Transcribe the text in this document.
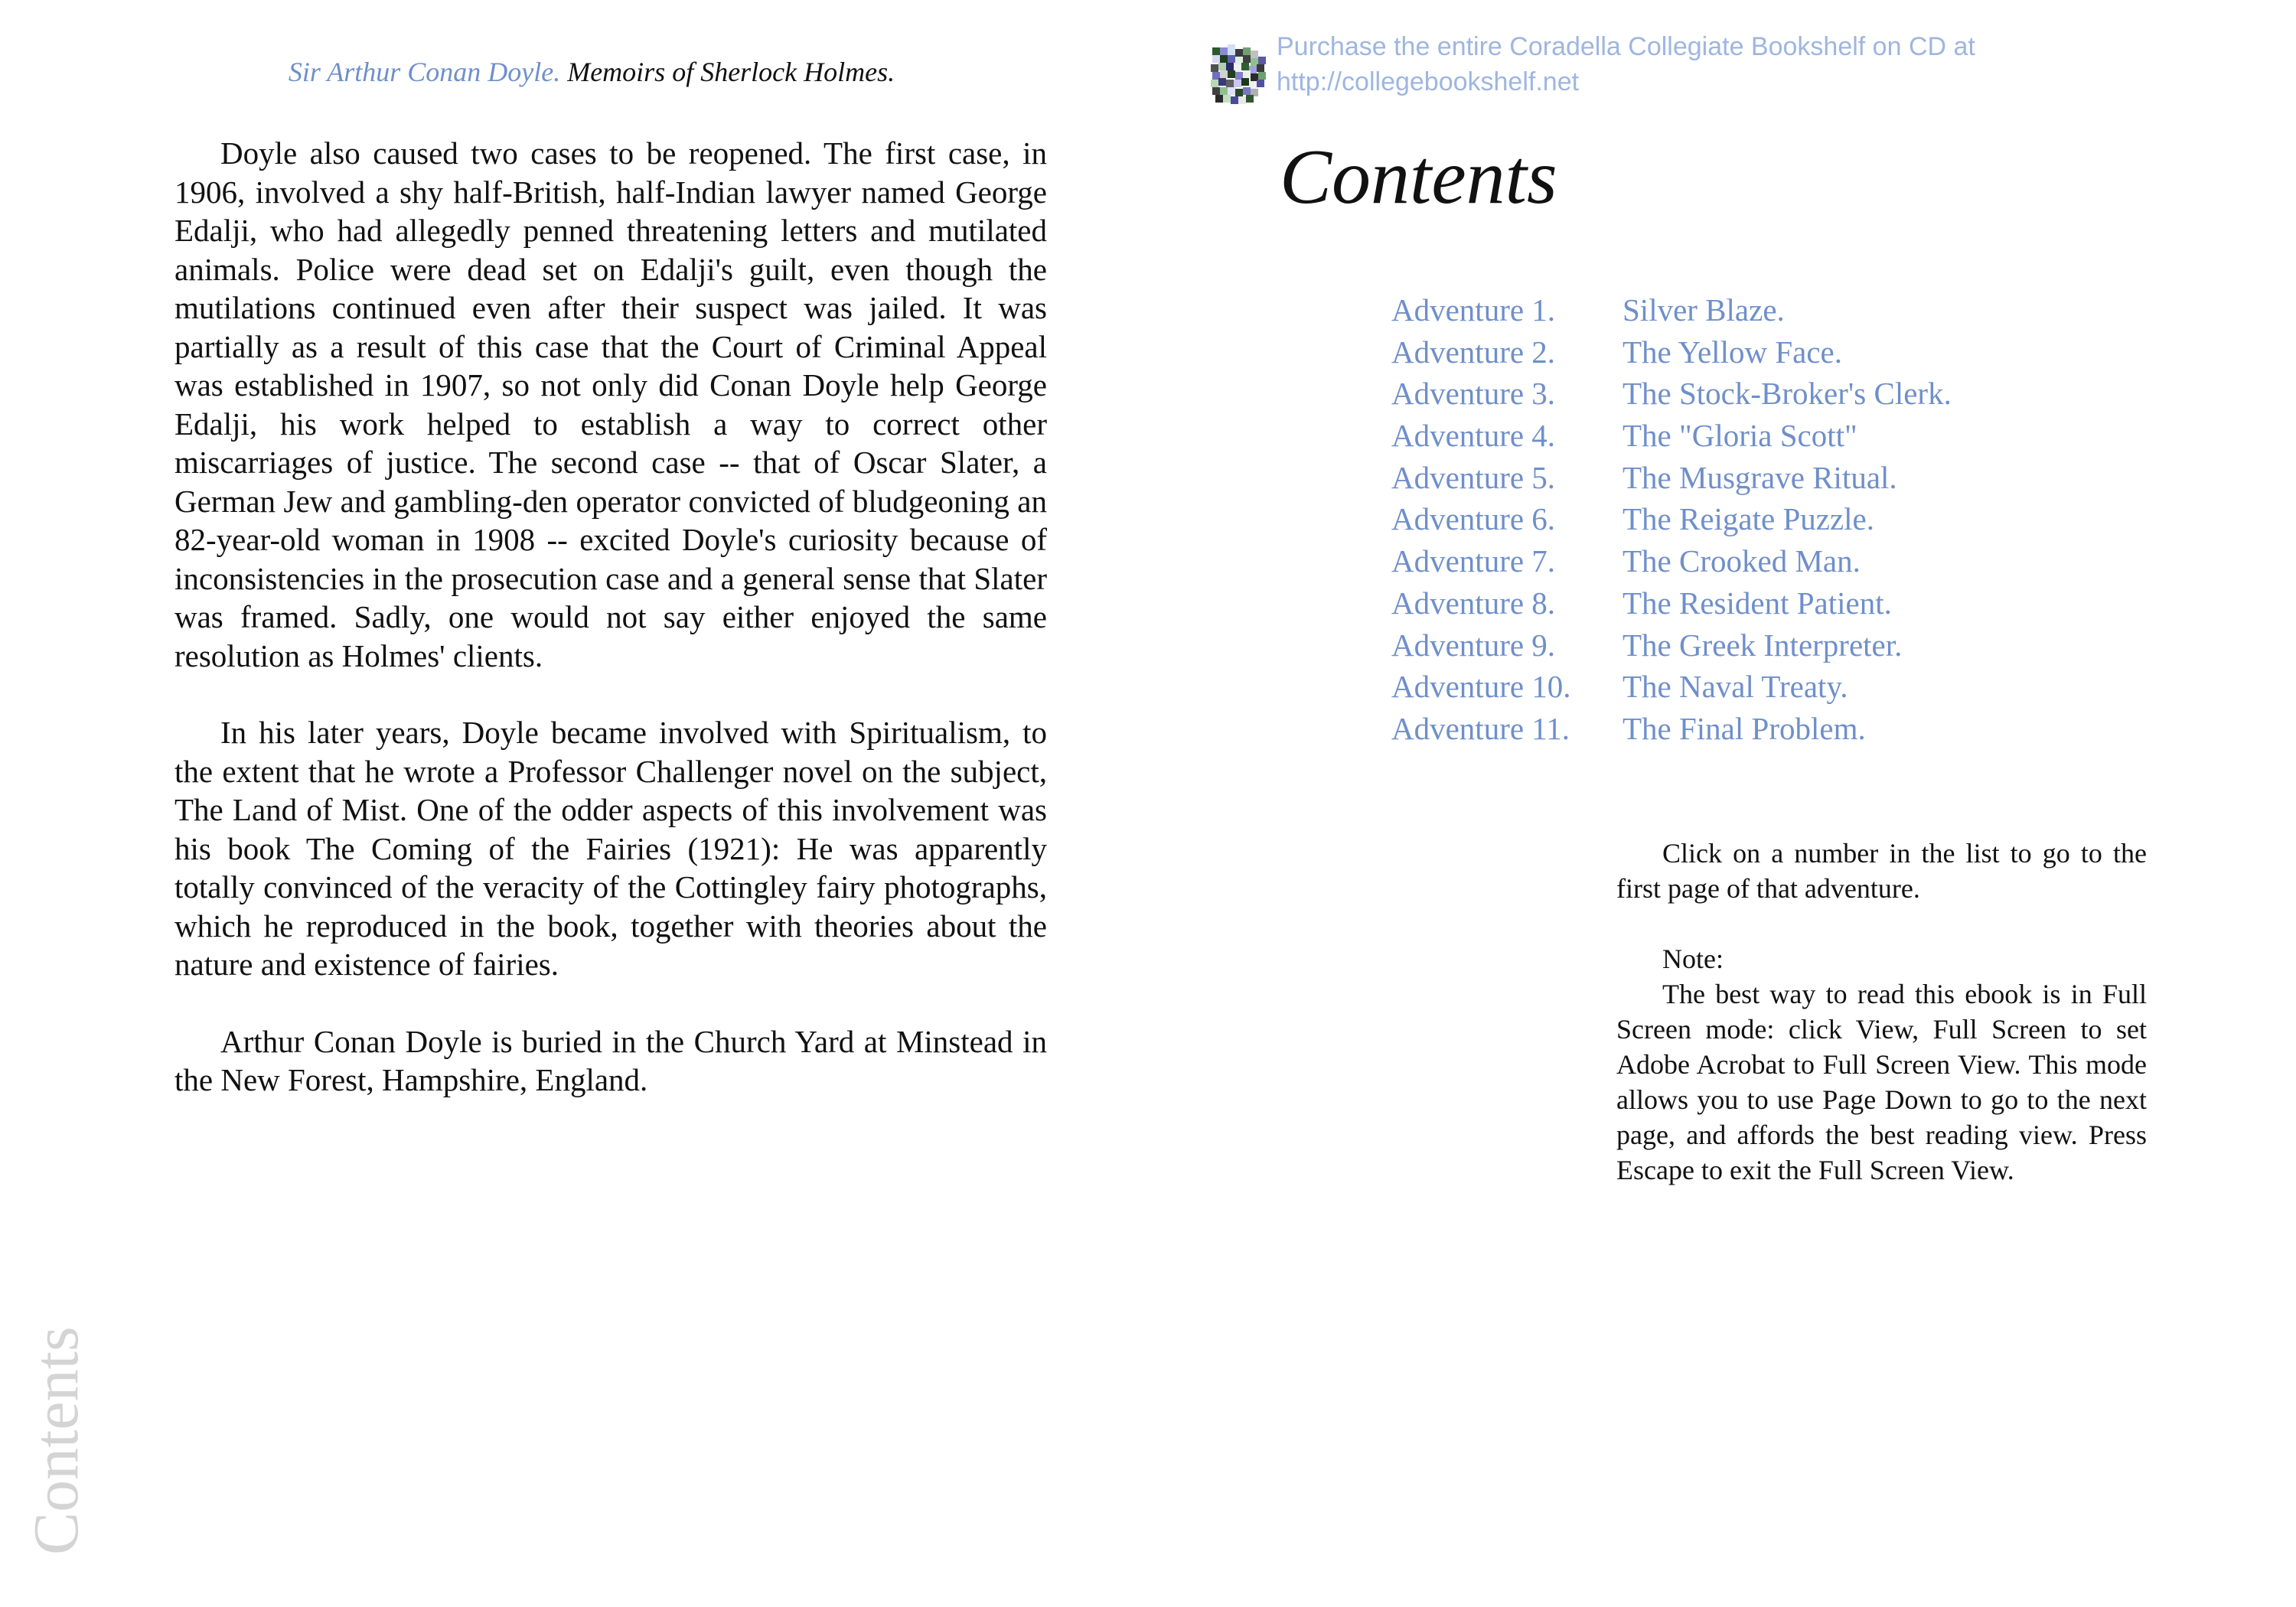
Sir Arthur Conan Doyle. Memoirs of Sherlock Holmes.

Doyle also caused two cases to be reopened. The first case, in 1906, involved a shy half-British, half-Indian lawyer named George Edalji, who had allegedly penned threatening letters and mutilated animals. Police were dead set on Edalji's guilt, even though the mutilations continued even after their suspect was jailed. It was partially as a result of this case that the Court of Criminal Appeal was established in 1907, so not only did Conan Doyle help George Edalji, his work helped to establish a way to correct other miscarriages of justice. The second case -- that of Oscar Slater, a German Jew and gambling-den operator convicted of bludgeoning an 82-year-old woman in 1908 -- excited Doyle's curiosity because of inconsistencies in the prosecution case and a general sense that Slater was framed. Sadly, one would not say either enjoyed the same resolution as Holmes' clients.

In his later years, Doyle became involved with Spiritualism, to the extent that he wrote a Professor Challenger novel on the subject, The Land of Mist. One of the odder aspects of this involvement was his book The Coming of the Fairies (1921): He was apparently totally convinced of the veracity of the Cottingley fairy photographs, which he reproduced in the book, together with theories about the nature and existence of fairies.

Arthur Conan Doyle is buried in the Church Yard at Minstead in the New Forest, Hampshire, England.

Contents
Purchase the entire Coradella Collegiate Bookshelf on CD at
http://collegebookshelf.net
Contents
Adventure 1. Silver Blaze.
Adventure 2. The Yellow Face.
Adventure 3. The Stock-Broker's Clerk.
Adventure 4. The "Gloria Scott"
Adventure 5. The Musgrave Ritual.
Adventure 6. The Reigate Puzzle.
Adventure 7. The Crooked Man.
Adventure 8. The Resident Patient.
Adventure 9. The Greek Interpreter.
Adventure 10. The Naval Treaty.
Adventure 11. The Final Problem.

Click on a number in the list to go to the first page of that adventure.

Note:

The best way to read this ebook is in Full Screen mode: click View, Full Screen to set Adobe Acrobat to Full Screen View. This mode allows you to use Page Down to go to the next page, and affords the best reading view. Press Escape to exit the Full Screen View.
